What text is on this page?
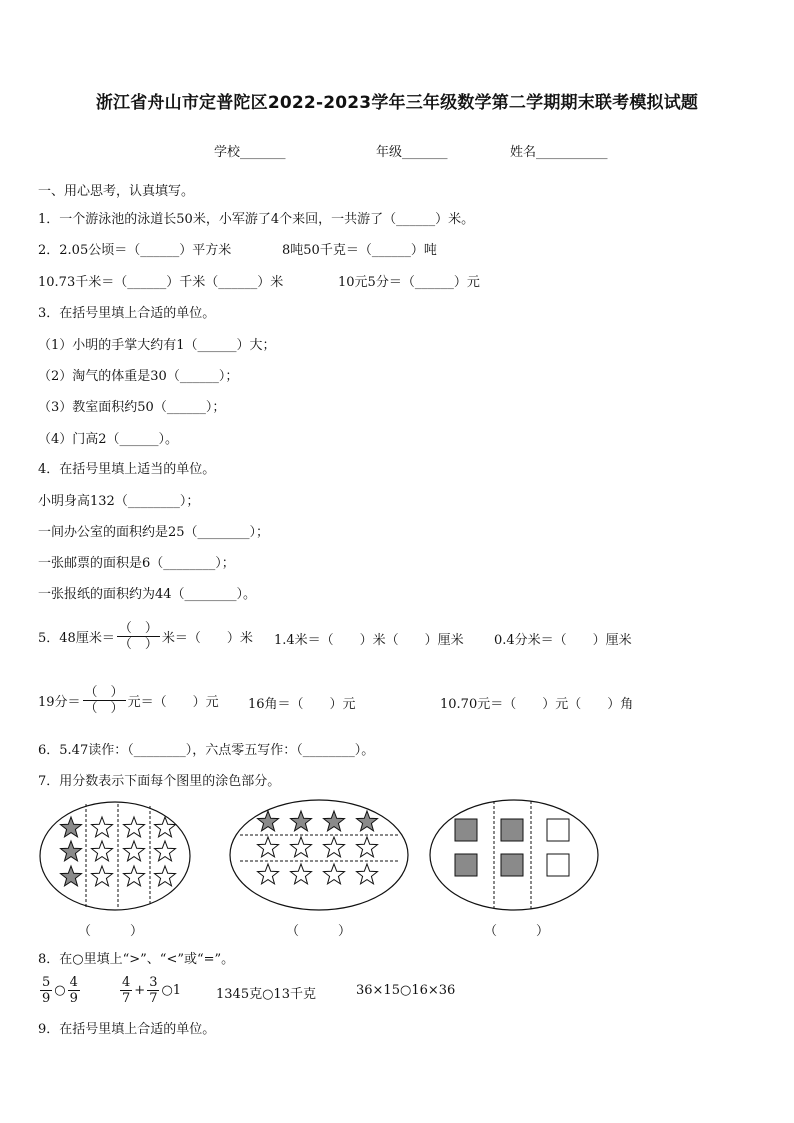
浙江省舟山市定普陀区2022-2023学年三年级数学第二学期期末联考模拟试题
学校_______	年级_______	姓名___________
一、用心思考，认真填写。
1．一个游泳池的泳道长50米，小军游了4个来回，一共游了（______）米。
2．2.05公顷＝（______）平方米	8吨50千克＝（______）吨
10.73千米＝（______）千米（______）米	10元5分＝（______）元
3．在括号里填上合适的单位。
（1）小明的手掌大约有1（______）大；
（2）淘气的体重是30（______）；
（3）教室面积约50（______）；
（4）门高2（______）。
4．在括号里填上适当的单位。
小明身高132（________）；
一间办公室的面积约是25（________）；
一张邮票的面积是6（________）；
一张报纸的面积约为44（________）。
5．48厘米＝ $\frac{( )}{( )}$ 米＝（　　）米 1.4米＝（　　）米（　　）厘米 0.4分米＝（　　）厘米
19分＝ $\frac{( )}{( )}$ 元＝（　　）元 16角＝（　　）元	10.70元＝（　　）元（　　）角
6．5.47读作：（________），六点零五写作：（________）。
7．用分数表示下面每个图里的涂色部分。
（　　　）	（　　　）	（　　　）
8．在○里填上“>”、“<”或“=”。
$\frac{5}{9}$ ○ $\frac{4}{9}$	$\frac{4}{7} + \frac{3}{7}$ ○1	1345克○13千克	36×15○16×36
9．在括号里填上合适的单位。
